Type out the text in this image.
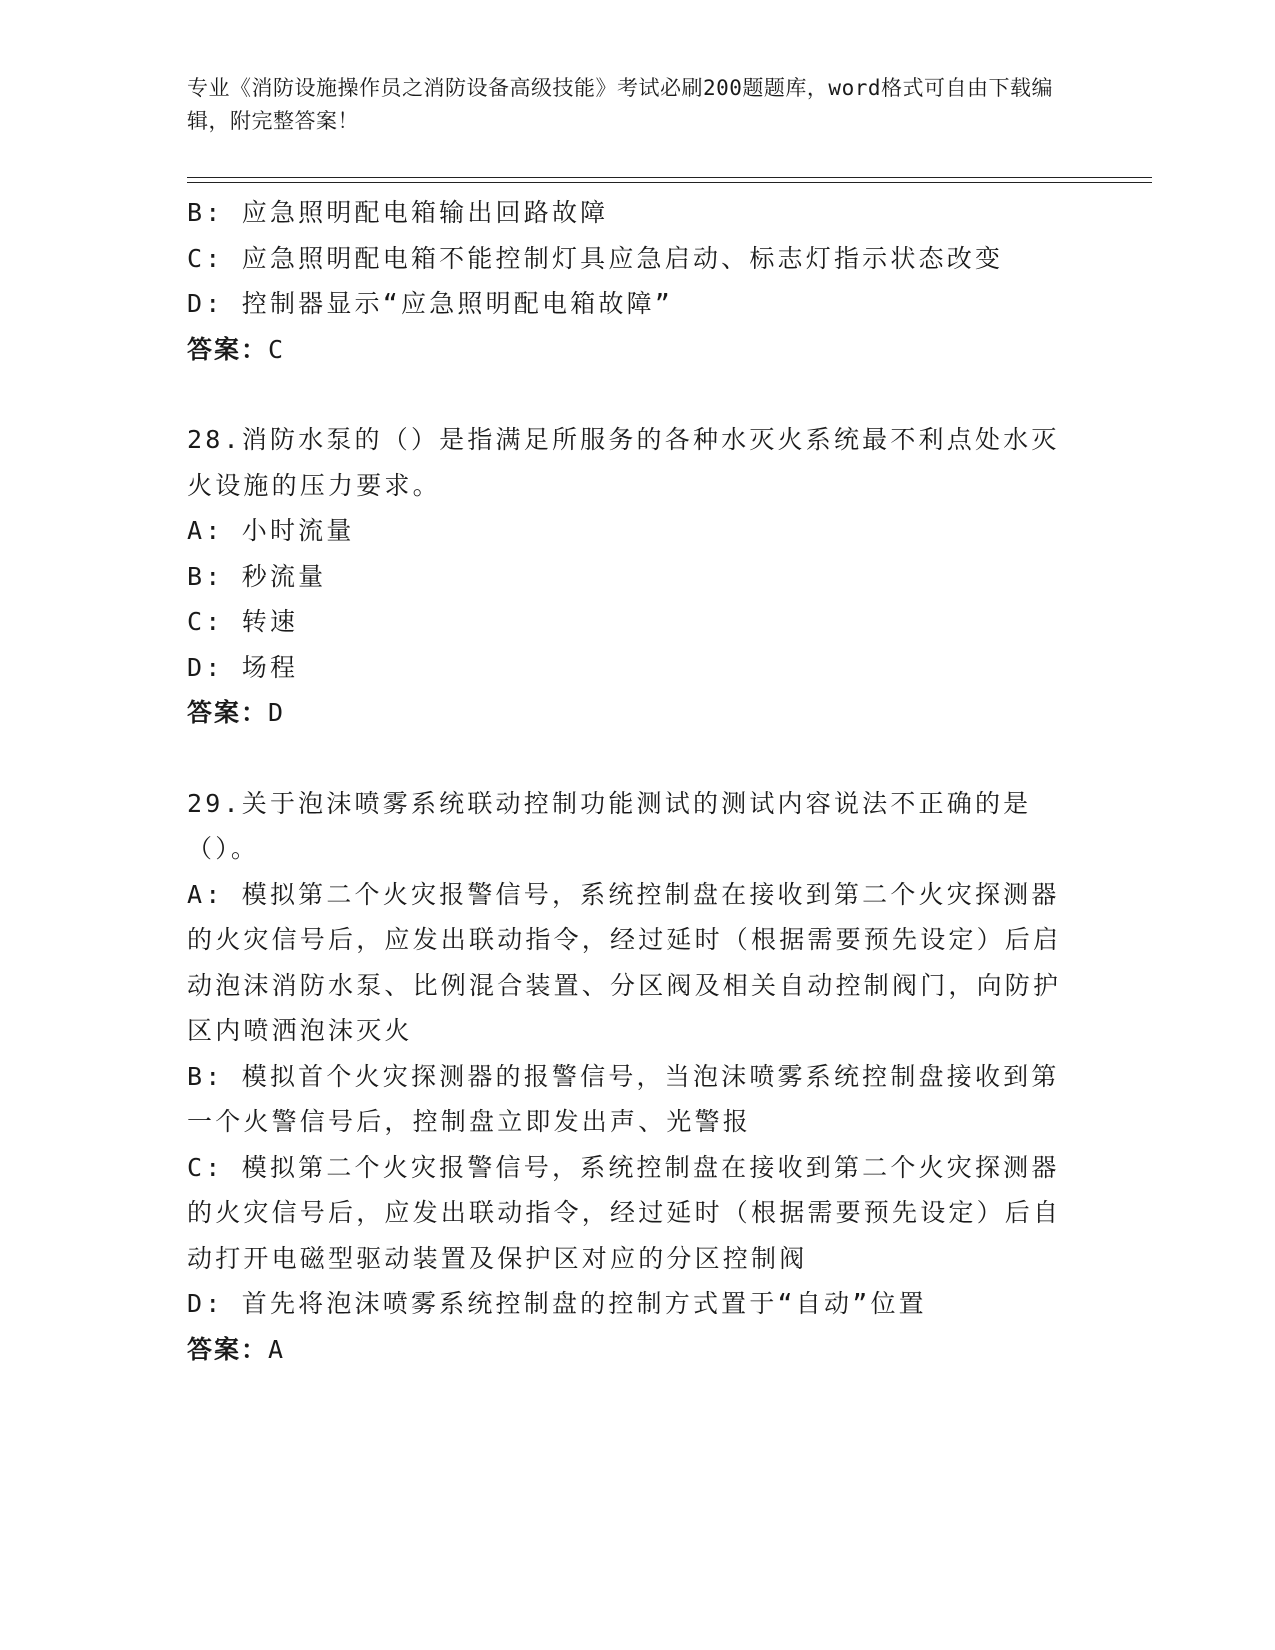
专业《消防设施操作员之消防设备高级技能》考试必刷200题题库，word格式可自由下载编辑，附完整答案！

B: 应急照明配电箱输出回路故障

C: 应急照明配电箱不能控制灯具应急启动、标志灯指示状态改变

D: 控制器显示“应急照明配电箱故障”

答案：C

28.消防水泵的（）是指满足所服务的各种水灭火系统最不利点处水灭火设施的压力要求。

A: 小时流量

B: 秒流量

C: 转速

D: 场程

答案：D

29.关于泡沫喷雾系统联动控制功能测试的测试内容说法不正确的是（）。

A: 模拟第二个火灾报警信号，系统控制盘在接收到第二个火灾探测器的火灾信号后，应发出联动指令，经过延时（根据需要预先设定）后启动泡沫消防水泵、比例混合装置、分区阀及相关自动控制阀门，向防护区内喷洒泡沫灭火

B: 模拟首个火灾探测器的报警信号，当泡沫喷雾系统控制盘接收到第一个火警信号后，控制盘立即发出声、光警报

C: 模拟第二个火灾报警信号，系统控制盘在接收到第二个火灾探测器的火灾信号后，应发出联动指令，经过延时（根据需要预先设定）后自动打开电磁型驱动装置及保护区对应的分区控制阀

D: 首先将泡沫喷雾系统控制盘的控制方式置于“自动”位置

答案：A
